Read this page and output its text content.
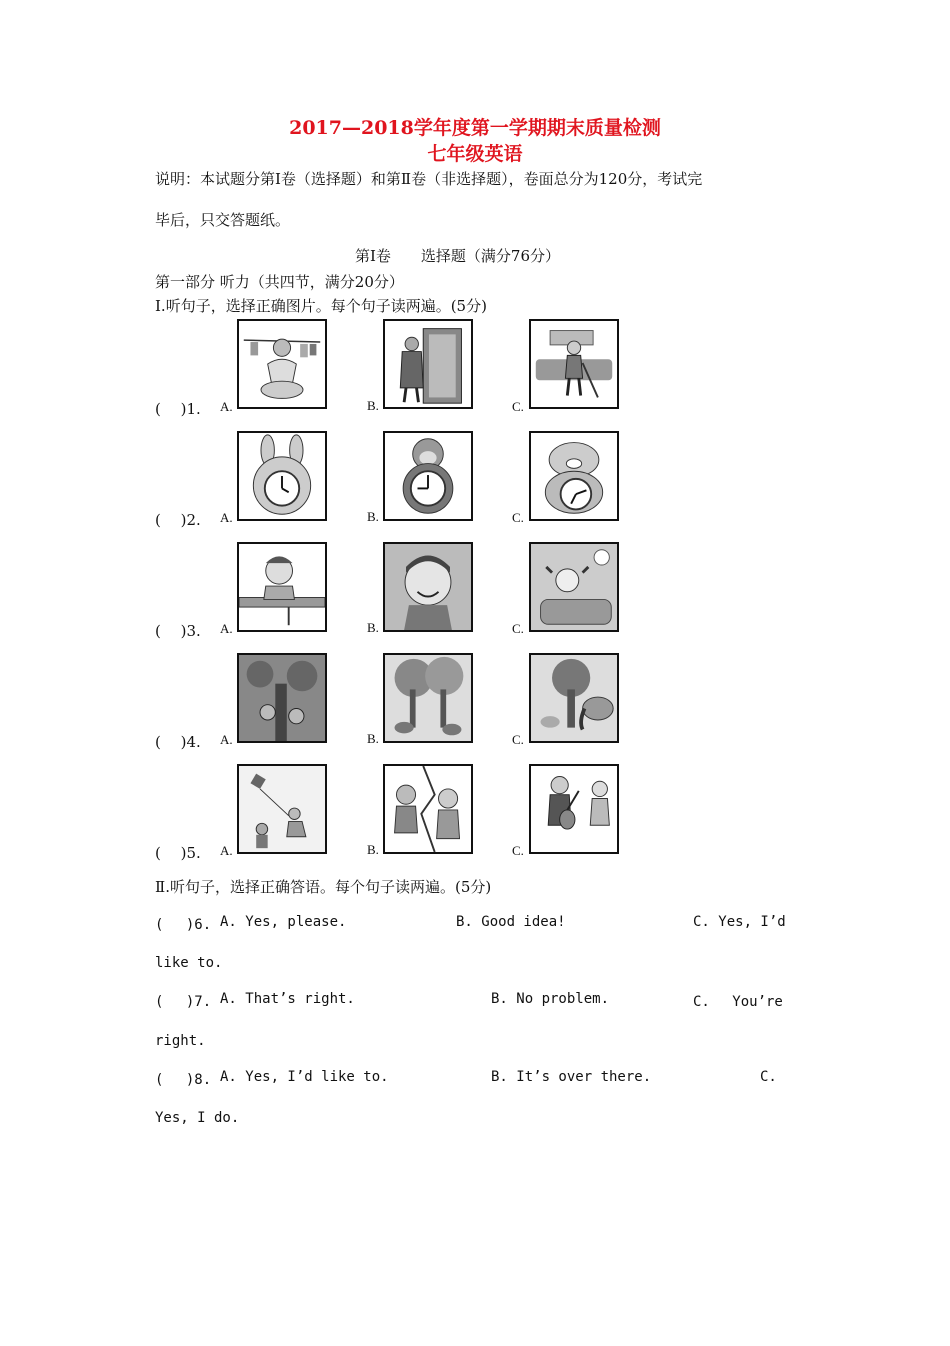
2017—2018学年度第一学期期末质量检测
七年级英语
说明：本试题分第Ⅰ卷（选择题）和第Ⅱ卷（非选择题），卷面总分为120分，考试完
毕后，只交答题纸。
第Ⅰ卷　　选择题（满分76分）
第一部分 听力（共四节，满分20分）
Ⅰ.听句子，选择正确图片。每个句子读两遍。(5分)
(　 )1. A.	B.	C.
(　 )2. A.	B.	C.
(　 )3. A.	B.	C.
(　 )4. A.	B.	C.
(　 )5. A.	B.	C.
Ⅱ.听句子，选择正确答语。每个句子读两遍。(5分)
(　 )6. A. Yes, please.	B. Good idea!	C. Yes, I’d
like to.
(　 )7. A. That’s right.	B. No problem.	C.　 You’re
right.
(　 )8. A. Yes, I’d like to.	B. It’s over there.	C.
Yes, I do.
